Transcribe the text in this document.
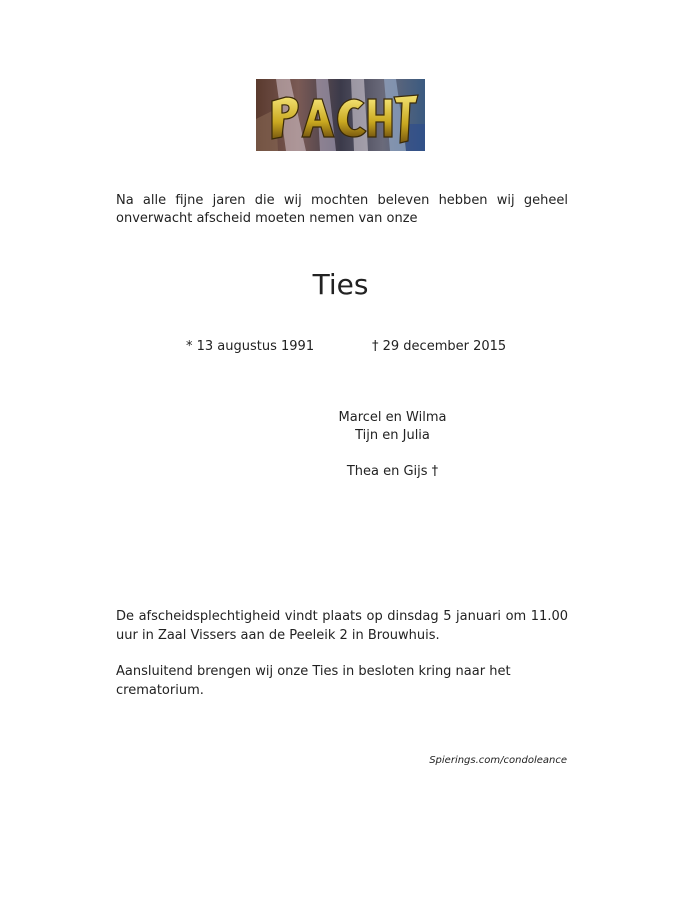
Na alle fijne jaren die wij mochten beleven hebben wij geheel onverwacht afscheid moeten nemen van onze

Ties
* 13 augustus 1991	† 29 december 2015
Marcel en Wilma
Tijn en Julia
Thea en Gijs †

De afscheidsplechtigheid vindt plaats op dinsdag 5 januari om 11.00 uur in Zaal Vissers aan de Peeleik 2 in Brouwhuis.

Aansluitend brengen wij onze Ties in besloten kring naar het crematorium.

Spierings.com/condoleance
